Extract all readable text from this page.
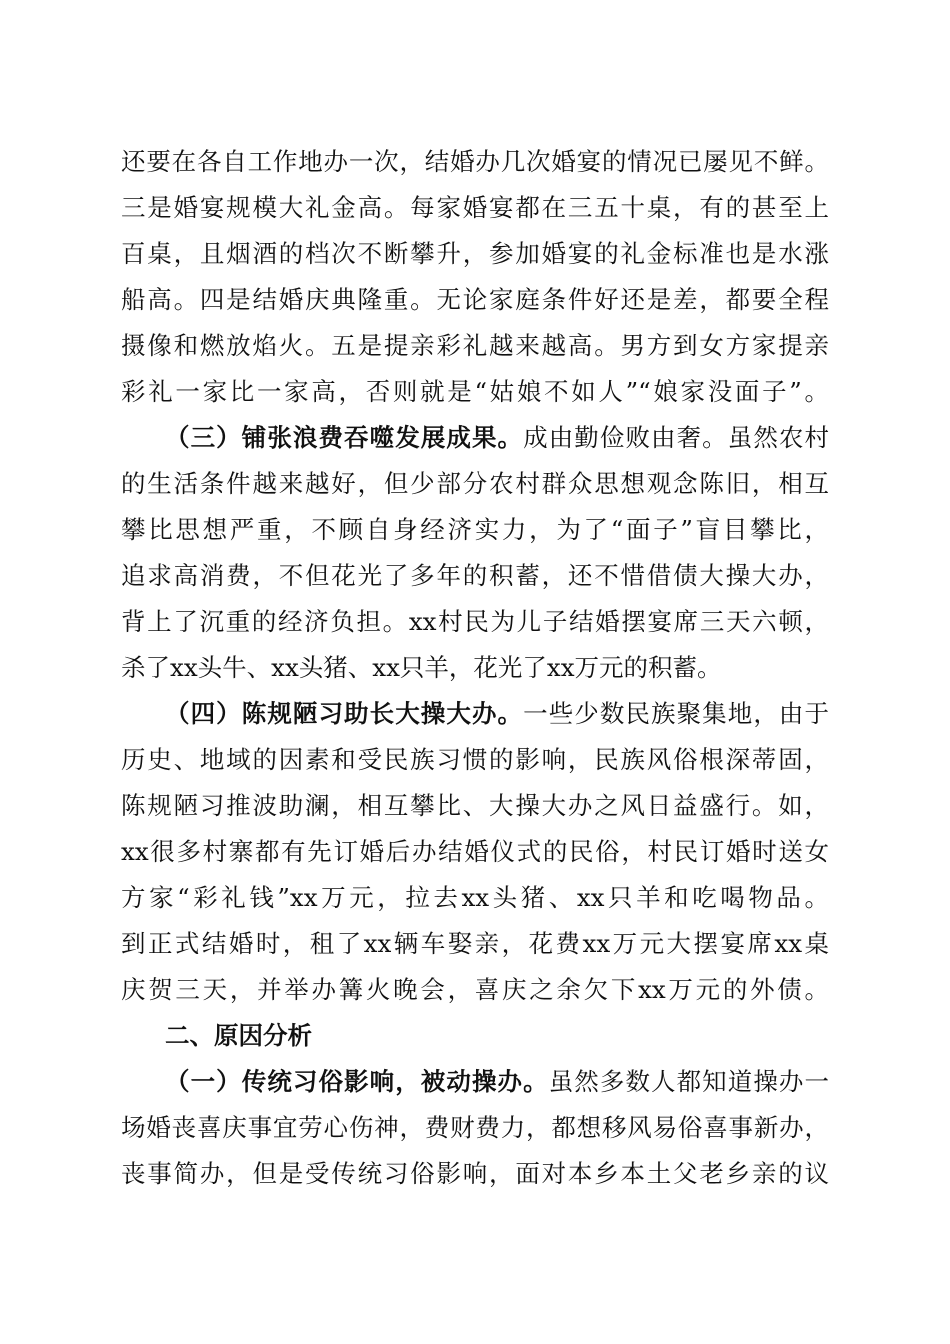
还要在各自工作地办一次，结婚办几次婚宴的情况已屡见不鲜。
三是婚宴规模大礼金高。每家婚宴都在三五十桌，有的甚至上
百桌，且烟酒的档次不断攀升，参加婚宴的礼金标准也是水涨
船高。四是结婚庆典隆重。无论家庭条件好还是差，都要全程
摄像和燃放焰火。五是提亲彩礼越来越高。男方到女方家提亲
彩礼一家比一家高，否则就是“姑娘不如人”“娘家没面子”。
（三）铺张浪费吞噬发展成果。成由勤俭败由奢。虽然农村
的生活条件越来越好，但少部分农村群众思想观念陈旧，相互
攀比思想严重，不顾自身经济实力，为了“面子”盲目攀比，
追求高消费，不但花光了多年的积蓄，还不惜借债大操大办，
背上了沉重的经济负担。xx村民为儿子结婚摆宴席三天六顿，
杀了xx头牛、xx头猪、xx只羊，花光了xx万元的积蓄。
（四）陈规陋习助长大操大办。一些少数民族聚集地，由于
历史、地域的因素和受民族习惯的影响，民族风俗根深蒂固，
陈规陋习推波助澜，相互攀比、大操大办之风日益盛行。如，
xx很多村寨都有先订婚后办结婚仪式的民俗，村民订婚时送女
方家“彩礼钱”xx万元，拉去xx头猪、xx只羊和吃喝物品。
到正式结婚时，租了xx辆车娶亲，花费xx万元大摆宴席xx桌
庆贺三天，并举办篝火晚会，喜庆之余欠下xx万元的外债。
二、原因分析
（一）传统习俗影响，被动操办。虽然多数人都知道操办一
场婚丧喜庆事宜劳心伤神，费财费力，都想移风易俗喜事新办，
丧事简办，但是受传统习俗影响，面对本乡本土父老乡亲的议
